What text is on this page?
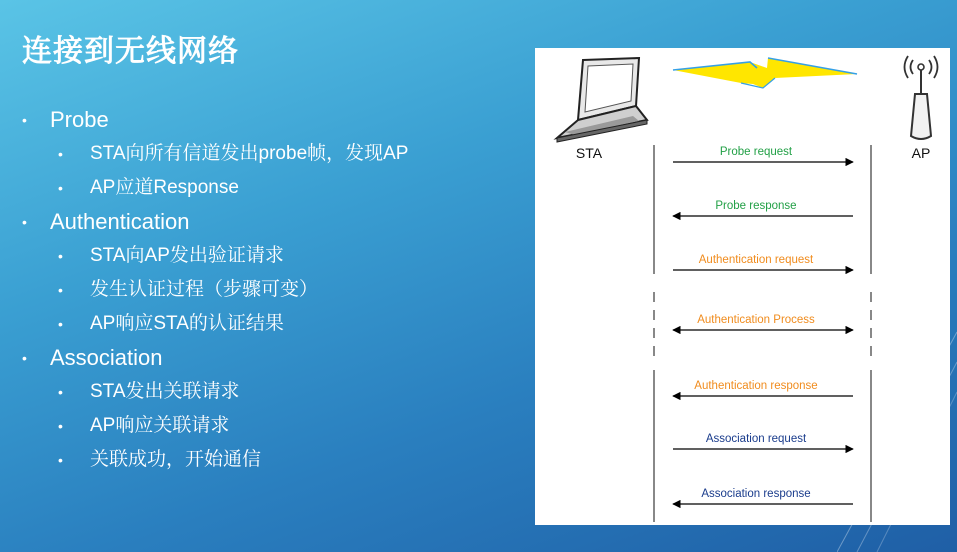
连接到无线网络
• Probe
• STA向所有信道发出probe帧，发现AP
• AP应道Response
• Authentication
• STA向AP发出验证请求
• 发生认证过程（步骤可变）
• AP响应STA的认证结果
• Association
• STA发出关联请求
• AP响应关联请求
• 关联成功，开始通信
STA	AP
Probe request
Probe response
Authentication request
Authentication Process
Authentication response
Association request
Association response
